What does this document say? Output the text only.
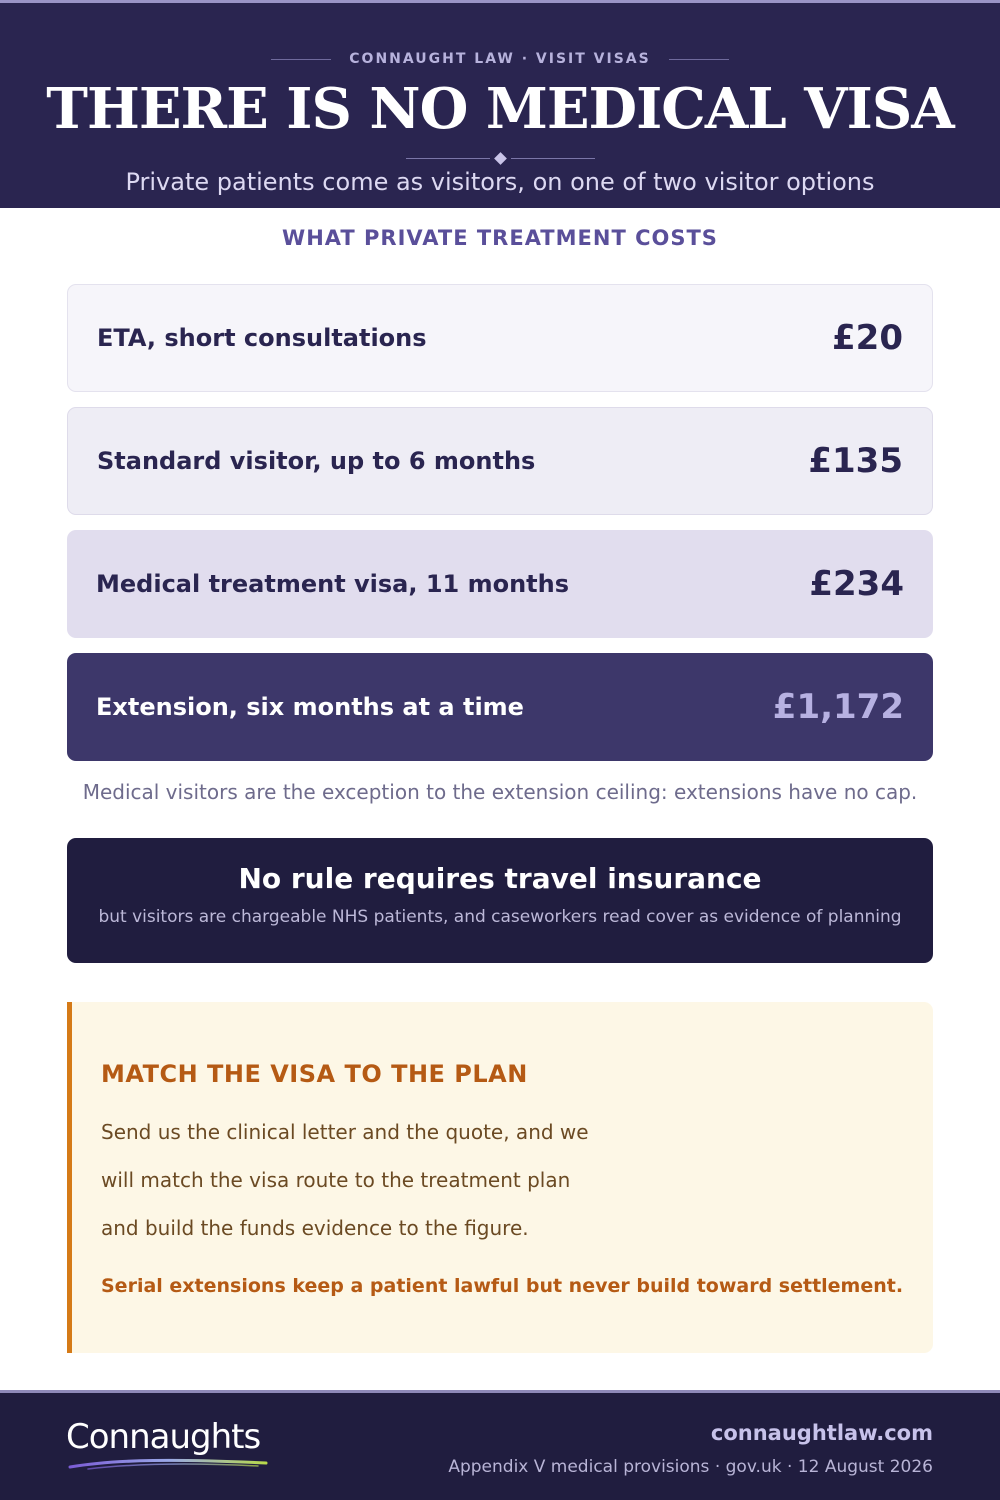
CONNAUGHT LAW · VISIT VISAS
THERE IS NO MEDICAL VISA
Private patients come as visitors, on one of two visitor options
WHAT PRIVATE TREATMENT COSTS
ETA, short consultations	£20
Standard visitor, up to 6 months	£135
Medical treatment visa, 11 months	£234
Extension, six months at a time	£1,172
Medical visitors are the exception to the extension ceiling: extensions have no cap.
No rule requires travel insurance
but visitors are chargeable NHS patients, and caseworkers read cover as evidence of planning
MATCH THE VISA TO THE PLAN
Send us the clinical letter and the quote, and we
will match the visa route to the treatment plan
and build the funds evidence to the figure.
Serial extensions keep a patient lawful but never build toward settlement.
Connaughts	connaughtlaw.com
Appendix V medical provisions · gov.uk · 12 August 2026
